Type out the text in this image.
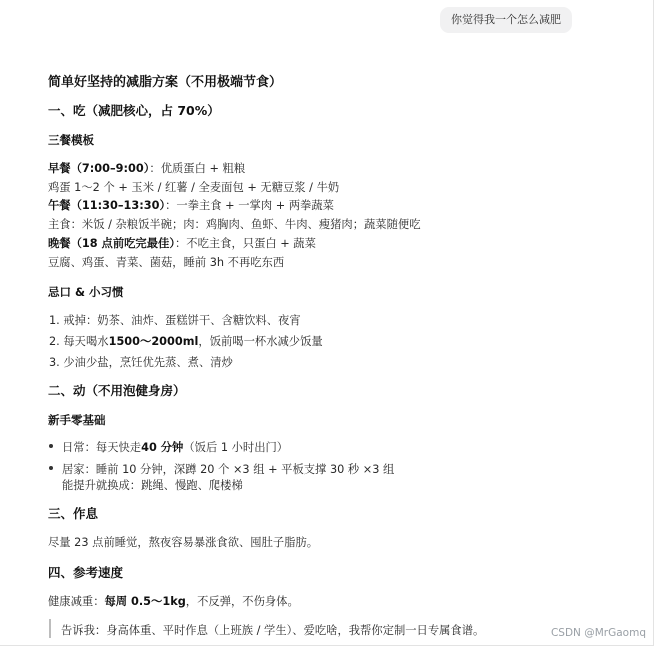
你觉得我一个怎么减肥
简单好坚持的减脂方案（不用极端节食）
一、吃（减肥核心，占 70%）
三餐模板
早餐（7:00–9:00）：优质蛋白 + 粗粮
鸡蛋 1～2 个 + 玉米 / 红薯 / 全麦面包 + 无糖豆浆 / 牛奶
午餐（11:30–13:30）：一拳主食 + 一掌肉 + 两拳蔬菜
主食：米饭 / 杂粮饭半碗；肉：鸡胸肉、鱼虾、牛肉、瘦猪肉；蔬菜随便吃
晚餐（18 点前吃完最佳）：不吃主食，只蛋白 + 蔬菜
豆腐、鸡蛋、青菜、菌菇，睡前 3h 不再吃东西
忌口 & 小习惯
1. 戒掉：奶茶、油炸、蛋糕饼干、含糖饮料、夜宵
2. 每天喝水1500～2000ml，饭前喝一杯水减少饭量
3. 少油少盐，烹饪优先蒸、煮、清炒
二、动（不用泡健身房）
新手零基础
日常：每天快走40 分钟（饭后 1 小时出门）
居家：睡前 10 分钟，深蹲 20 个 ×3 组 + 平板支撑 30 秒 ×3 组
能提升就换成：跳绳、慢跑、爬楼梯
三、作息
尽量 23 点前睡觉，熬夜容易暴涨食欲、囤肚子脂肪。
四、参考速度
健康减重：每周 0.5～1kg，不反弹，不伤身体。
告诉我：身高体重、平时作息（上班族 / 学生）、爱吃啥，我帮你定制一日专属食谱。	CSDN @MrGaomq
